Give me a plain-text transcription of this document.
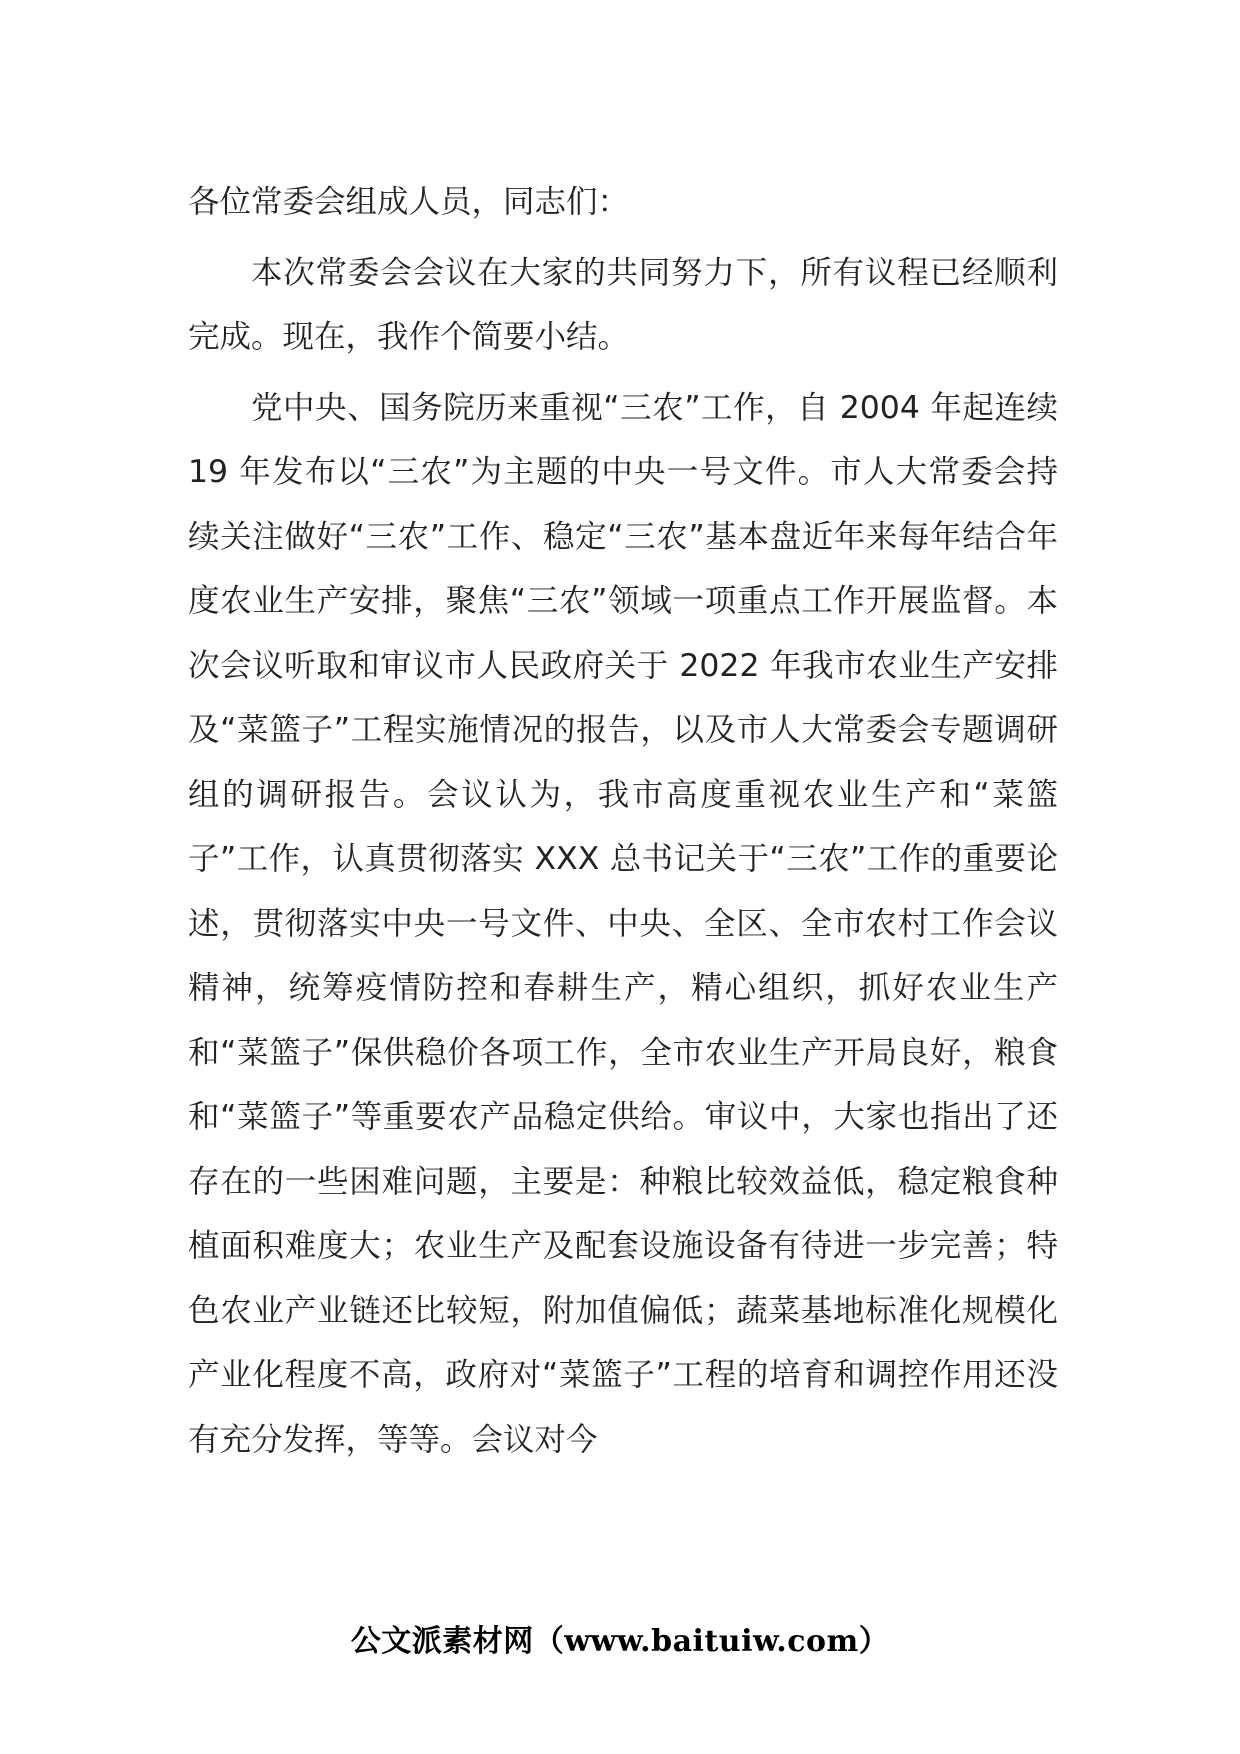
各位常委会组成人员，同志们：

本次常委会会议在大家的共同努力下，所有议程已经顺利完成。现在，我作个简要小结。

党中央、国务院历来重视“三农”工作，自 2004 年起连续 19 年发布以“三农”为主题的中央一号文件。市人大常委会持续关注做好“三农”工作、稳定“三农”基本盘近年来每年结合年度农业生产安排，聚焦“三农”领域一项重点工作开展监督。本次会议听取和审议市人民政府关于 2022 年我市农业生产安排及“菜篮子”工程实施情况的报告，以及市人大常委会专题调研组的调研报告。会议认为，我市高度重视农业生产和“菜篮子”工作，认真贯彻落实 XXX 总书记关于“三农”工作的重要论述，贯彻落实中央一号文件、中央、全区、全市农村工作会议精神，统筹疫情防控和春耕生产，精心组织，抓好农业生产和“菜篮子”保供稳价各项工作，全市农业生产开局良好，粮食和“菜篮子”等重要农产品稳定供给。审议中，大家也指出了还存在的一些困难问题，主要是：种粮比较效益低，稳定粮食种植面积难度大；农业生产及配套设施设备有待进一步完善；特色农业产业链还比较短，附加值偏低；蔬菜基地标准化规模化产业化程度不高，政府对“菜篮子”工程的培育和调控作用还没有充分发挥，等等。会议对今

公文派素材网（www.baituiw.com）
